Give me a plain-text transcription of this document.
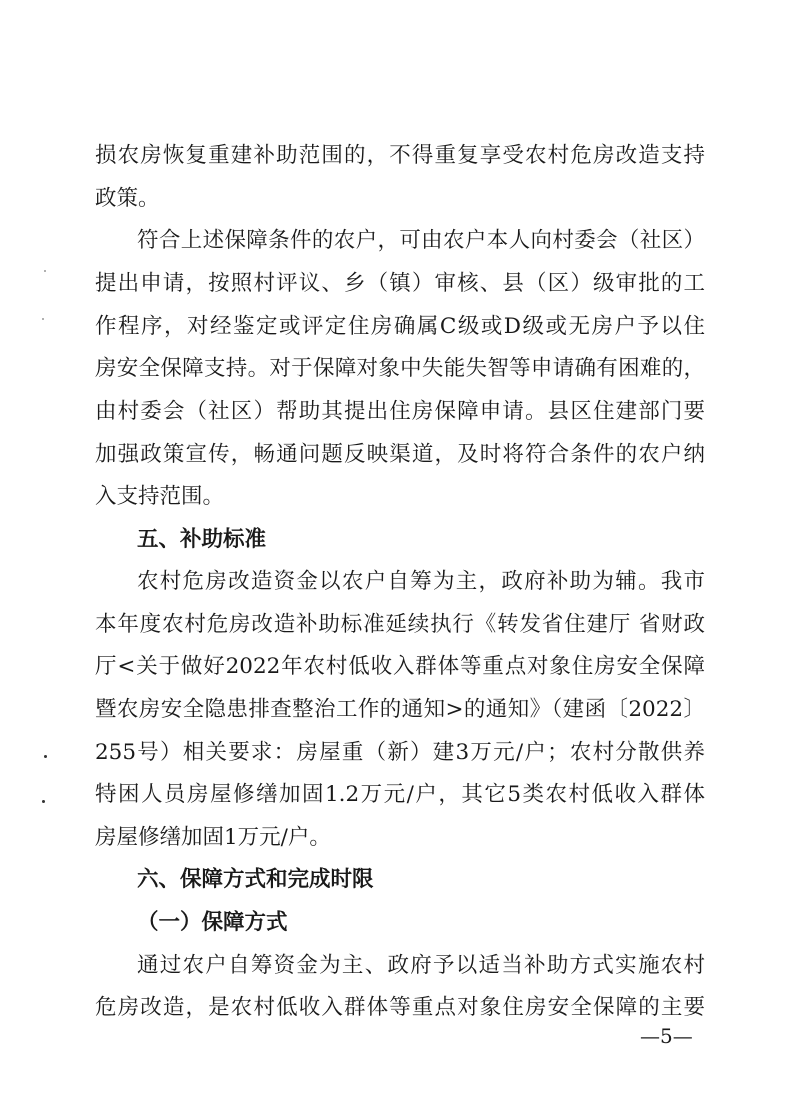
损农房恢复重建补助范围的，不得重复享受农村危房改造支持
政策。
符合上述保障条件的农户，可由农户本人向村委会（社区）
提出申请，按照村评议、乡（镇）审核、县（区）级审批的工
作程序，对经鉴定或评定住房确属C级或D级或无房户予以住
房安全保障支持。对于保障对象中失能失智等申请确有困难的，
由村委会（社区）帮助其提出住房保障申请。县区住建部门要
加强政策宣传，畅通问题反映渠道，及时将符合条件的农户纳
入支持范围。
五、补助标准
农村危房改造资金以农户自筹为主，政府补助为辅。我市
本年度农村危房改造补助标准延续执行《转发省住建厅 省财政
厅<关于做好2022年农村低收入群体等重点对象住房安全保障
暨农房安全隐患排查整治工作的通知>的通知》（建函〔2022〕
255号）相关要求：房屋重（新）建3万元/户；农村分散供养
特困人员房屋修缮加固1.2万元/户，其它5类农村低收入群体
房屋修缮加固1万元/户。
六、保障方式和完成时限
（一）保障方式
通过农户自筹资金为主、政府予以适当补助方式实施农村
危房改造，是农村低收入群体等重点对象住房安全保障的主要
—5—
